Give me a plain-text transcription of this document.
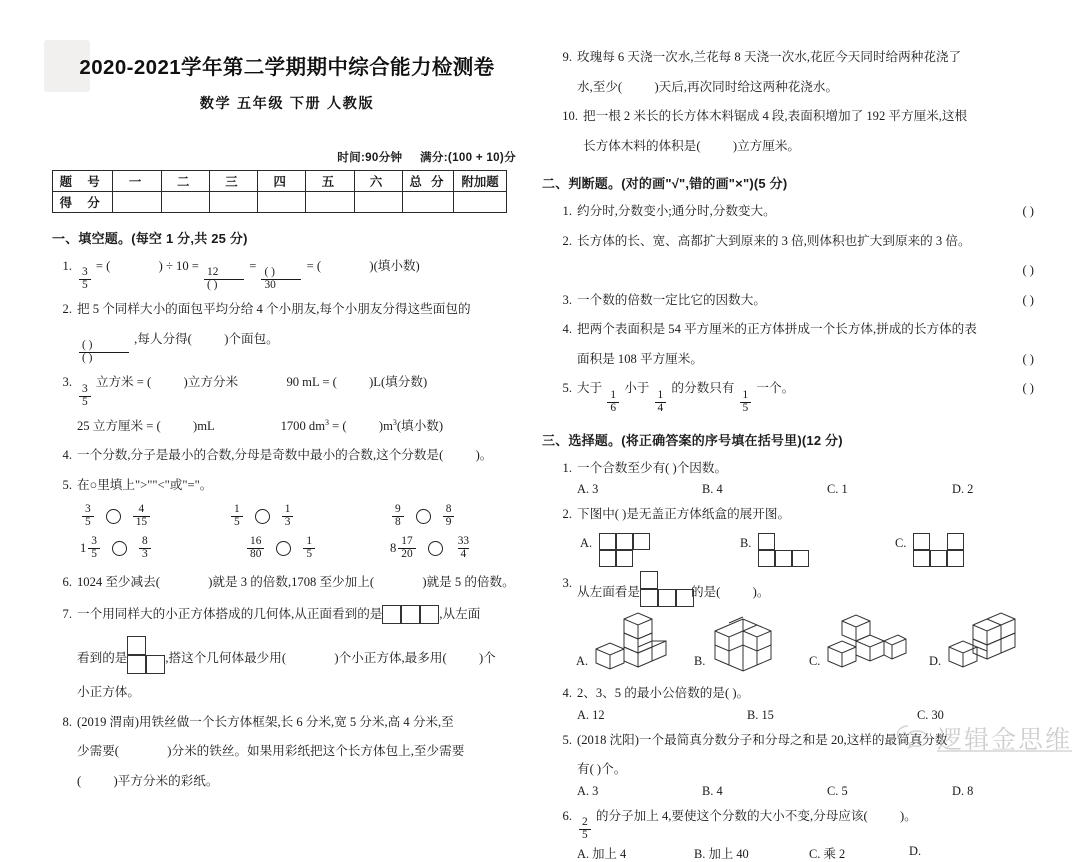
2020-2021学年第二学期期中综合能力检测卷
数学 五年级 下册 人教版
时间:90分钟 满分:(100 + 10)分
题 号	一	二	三	四	五	六	总 分	附加题
得 分								
一、填空题。(每空 1 分,共 25 分)
1.
$\frac{3}{5}$
= (	) ÷ 10 =
$\frac{12}{( )}$
=
$\frac{( )}{30}$
= (	)(填小数)
2. 把 5 个同样大小的面包平均分给 4 个小朋友,每个小朋友分得这些面包的
$\frac{( )}{( )}$
,每人分得(	)个面包。
3.
$\frac{3}{5}$
立方米 = (	)立方分米	90 mL = (	)L(填分数)
25 立方厘米 = (	)mL	1700 $dm^3$ = (	)$m^3$(填小数)
4. 一个分数,分子是最小的合数,分母是奇数中最小的合数,这个分数是(	)。
5. 在○里填上">""<"或"="。
$\frac{3}{5}$	$\frac{4}{15}$	$\frac{1}{5}$	$\frac{1}{3}$	$\frac{9}{8}$	$\frac{8}{9}$
$1 \frac{3}{5}$	$\frac{8}{3}$	$\frac{16}{80}$	$\frac{1}{5}$	$8 \frac{17}{20}$	$\frac{33}{4}$
6. 1024 至少减去(	)就是 3 的倍数,1708 至少加上(	)就是 5 的倍数。
7. 一个用同样大的小正方体搭成的几何体,从正面看到的是	,从左面
看到的是	,搭这个几何体最少用(	)个小正方体,最多用(	)个
小正方体。
8. (2019 渭南)用铁丝做一个长方体框架,长 6 分米,宽 5 分米,高 4 分米,至
少需要(	)分米的铁丝。如果用彩纸把这个长方体包上,至少需要
(	)平方分米的彩纸。
9. 玫瑰每 6 天浇一次水,兰花每 8 天浇一次水,花匠今天同时给两种花浇了
水,至少(	)天后,再次同时给这两种花浇水。
10. 把一根 2 米长的长方体木料锯成 4 段,表面积增加了 192 平方厘米,这根
长方体木料的体积是(	)立方厘米。
二、判断题。(对的画"√",错的画"×")(5 分)
1. 约分时,分数变小;通分时,分数变大。	( )
2. 长方体的长、宽、高都扩大到原来的 3 倍,则体积也扩大到原来的 3 倍。
( )
3. 一个数的倍数一定比它的因数大。	( )
4. 把两个表面积是 54 平方厘米的正方体拼成一个长方体,拼成的长方体的表
面积是 108 平方厘米。	( )
5. 大于
$\frac{1}{6}$
小于
$\frac{1}{4}$
的分数只有
$\frac{1}{5}$
一个。	( )
三、选择题。(将正确答案的序号填在括号里)(12 分)
1. 一个合数至少有( )个因数。
A. 3	B. 4	C. 1	D. 2
2. 下图中( )是无盖正方体纸盒的展开图。
A.	B.	C.
3.
从左面看是	的是(	)。
A.	B.	C.	D.
4. 2、3、5 的最小公倍数的是( )。
A. 12	B. 15	C. 30
5. (2018 沈阳)一个最简真分数分子和分母之和是 20,这样的最简真分数
有( )个。
A. 3	B. 4	C. 5	D. 8
6.
$\frac{2}{5}$
的分子加上 4,要使这个分数的大小不变,分母应该(	)。
A. 加上 4	B. 加上 40	C. 乘 2	D.
逻辑金思维
